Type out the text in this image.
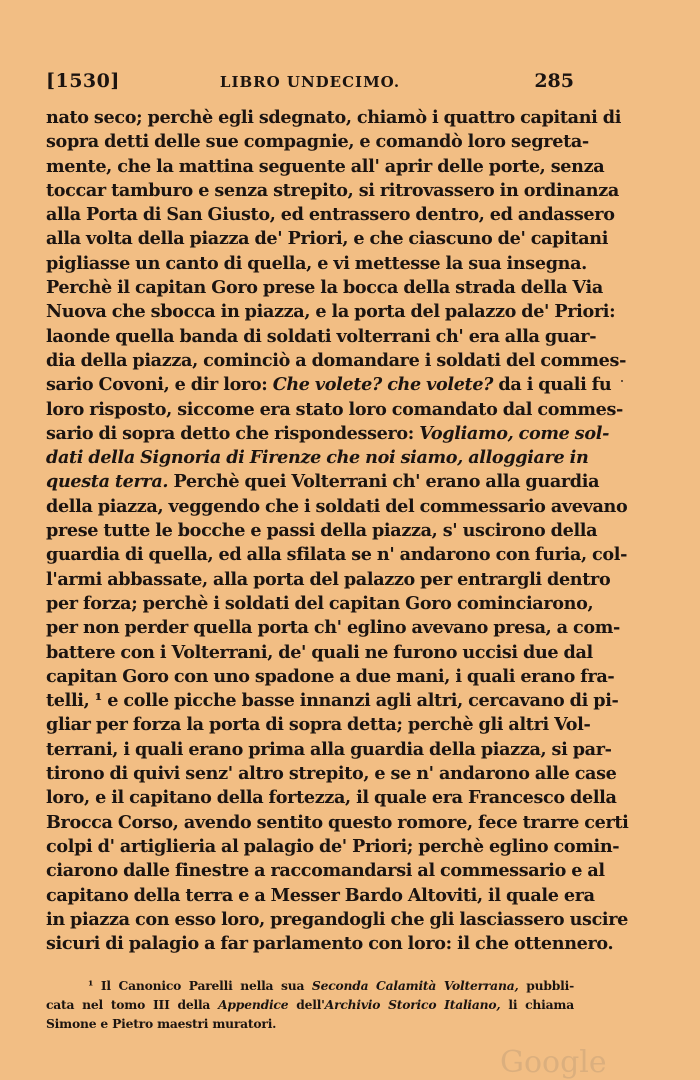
[1530]	LIBRO UNDECIMO.	285
nato seco; perchè egli sdegnato, chiamò i quattro capitani di
sopra detti delle sue compagnie, e comandò loro segreta-
mente, che la mattina seguente all' aprir delle porte, senza
toccar tamburo e senza strepito, si ritrovassero in ordinanza
alla Porta di San Giusto, ed entrassero dentro, ed andassero
alla volta della piazza de' Priori, e che ciascuno de' capitani
pigliasse un canto di quella, e vi mettesse la sua insegna.
Perchè il capitan Goro prese la bocca della strada della Via
Nuova che sbocca in piazza, e la porta del palazzo de' Priori:
laonde quella banda di soldati volterrani ch' era alla guar-
dia della piazza, cominciò a domandare i soldati del commes-
sario Covoni, e dir loro: Che volete? che volete? da i quali fu
loro risposto, siccome era stato loro comandato dal commes-
sario di sopra detto che rispondessero: Vogliamo, come sol-
dati della Signoria di Firenze che noi siamo, alloggiare in
questa terra. Perchè quei Volterrani ch' erano alla guardia
della piazza, veggendo che i soldati del commessario avevano
prese tutte le bocche e passi della piazza, s' uscirono della
guardia di quella, ed alla sfilata se n' andarono con furia, col-
l'armi abbassate, alla porta del palazzo per entrargli dentro
per forza; perchè i soldati del capitan Goro cominciarono,
per non perder quella porta ch' eglino avevano presa, a com-
battere con i Volterrani, de' quali ne furono uccisi due dal
capitan Goro con uno spadone a due mani, i quali erano fra-
telli, ¹ e colle picche basse innanzi agli altri, cercavano di pi-
gliar per forza la porta di sopra detta; perchè gli altri Vol-
terrani, i quali erano prima alla guardia della piazza, si par-
tirono di quivi senz' altro strepito, e se n' andarono alle case
loro, e il capitano della fortezza, il quale era Francesco della
Brocca Corso, avendo sentito questo romore, fece trarre certi
colpi d' artiglieria al palagio de' Priori; perchè eglino comin-
ciarono dalle finestre a raccomandarsi al commessario e al
capitano della terra e a Messer Bardo Altoviti, il quale era
in piazza con esso loro, pregandogli che gli lasciassero uscire
sicuri di palagio a far parlamento con loro: il che ottennero.
¹ Il Canonico Parelli nella sua Seconda Calamità Volterrana, pubbli-
cata nel tomo III della Appendice dell'Archivio Storico Italiano, li chiama
Simone e Pietro maestri muratori.
Google
